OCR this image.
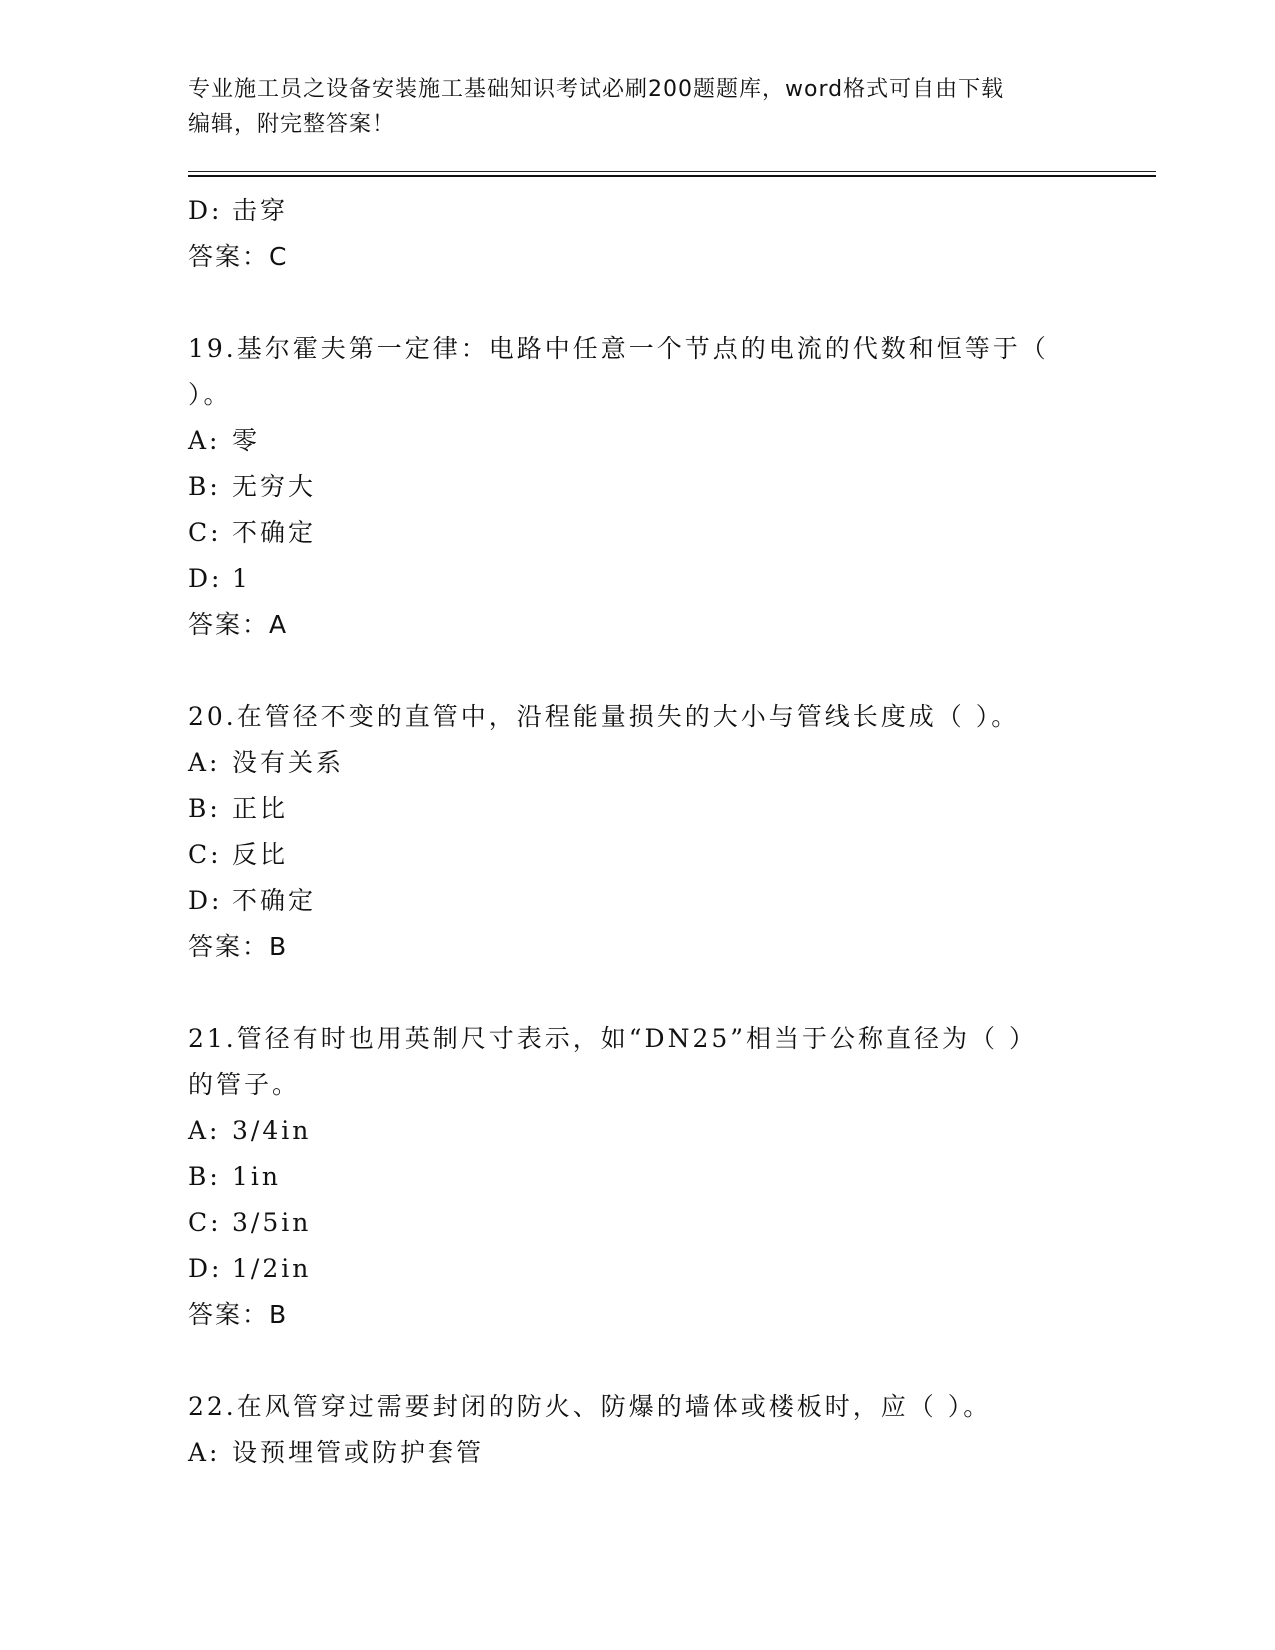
专业施工员之设备安装施工基础知识考试必刷200题题库，word格式可自由下载
编辑，附完整答案！
D: 击穿
答案：C
19.基尔霍夫第一定律：电路中任意一个节点的电流的代数和恒等于（
）。
A: 零
B: 无穷大
C: 不确定
D: 1
答案：A
20.在管径不变的直管中，沿程能量损失的大小与管线长度成（ ）。
A: 没有关系
B: 正比
C: 反比
D: 不确定
答案：B
21.管径有时也用英制尺寸表示，如“DN25”相当于公称直径为（ ）
的管子。
A: 3/4in
B: 1in
C: 3/5in
D: 1/2in
答案：B
22.在风管穿过需要封闭的防火、防爆的墙体或楼板时，应（ ）。
A: 设预埋管或防护套管
